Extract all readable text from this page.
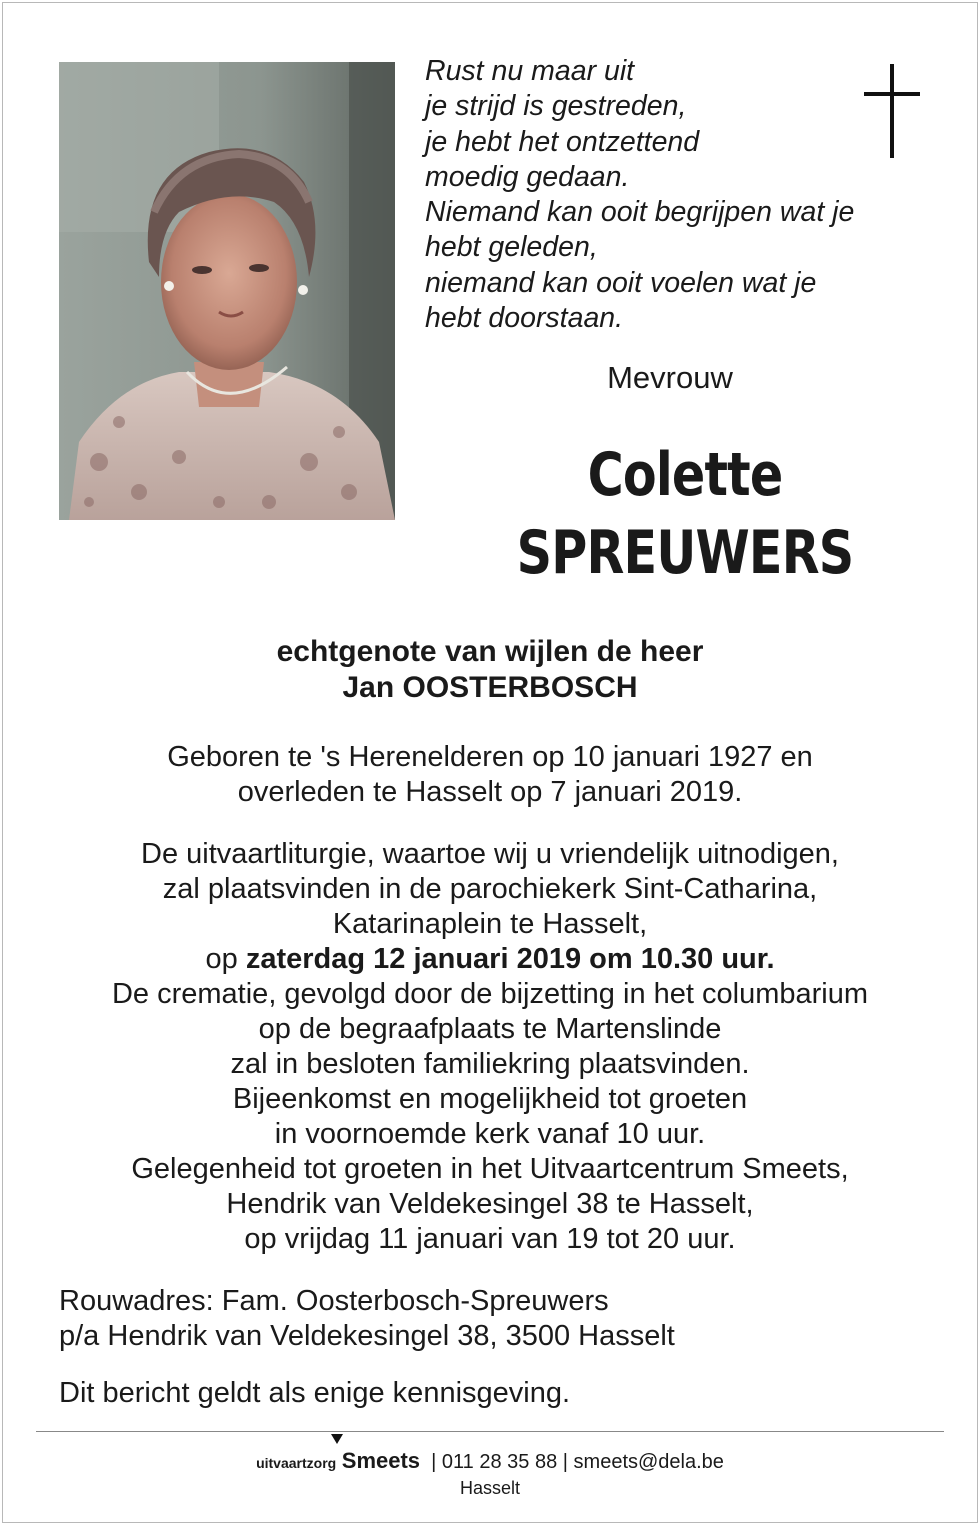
Rust nu maar uit
je strijd is gestreden,
je hebt het ontzettend
moedig gedaan.
Niemand kan ooit begrijpen wat je
hebt geleden,
niemand kan ooit voelen wat je
hebt doorstaan.
Mevrouw
Colette
SPREUWERS
echtgenote van wijlen de heer
Jan OOSTERBOSCH
Geboren te 's Herenelderen op 10 januari 1927 en
overleden te Hasselt op 7 januari 2019.
De uitvaartliturgie, waartoe wij u vriendelijk uitnodigen,
zal plaatsvinden in de parochiekerk Sint-Catharina,
Katarinaplein te Hasselt,
op zaterdag 12 januari 2019 om 10.30 uur.
De crematie, gevolgd door de bijzetting in het columbarium
op de begraafplaats te Martenslinde
zal in besloten familiekring plaatsvinden.
Bijeenkomst en mogelijkheid tot groeten
in voornoemde kerk vanaf 10 uur.
Gelegenheid tot groeten in het Uitvaartcentrum Smeets,
Hendrik van Veldekesingel 38 te Hasselt,
op vrijdag 11 januari van 19 tot 20 uur.
Rouwadres: Fam. Oosterbosch-Spreuwers
p/a Hendrik van Veldekesingel 38, 3500 Hasselt
Dit bericht geldt als enige kennisgeving.
uitvaartzorg Smeets  | 011 28 35 88 | smeets@dela.be
Hasselt
